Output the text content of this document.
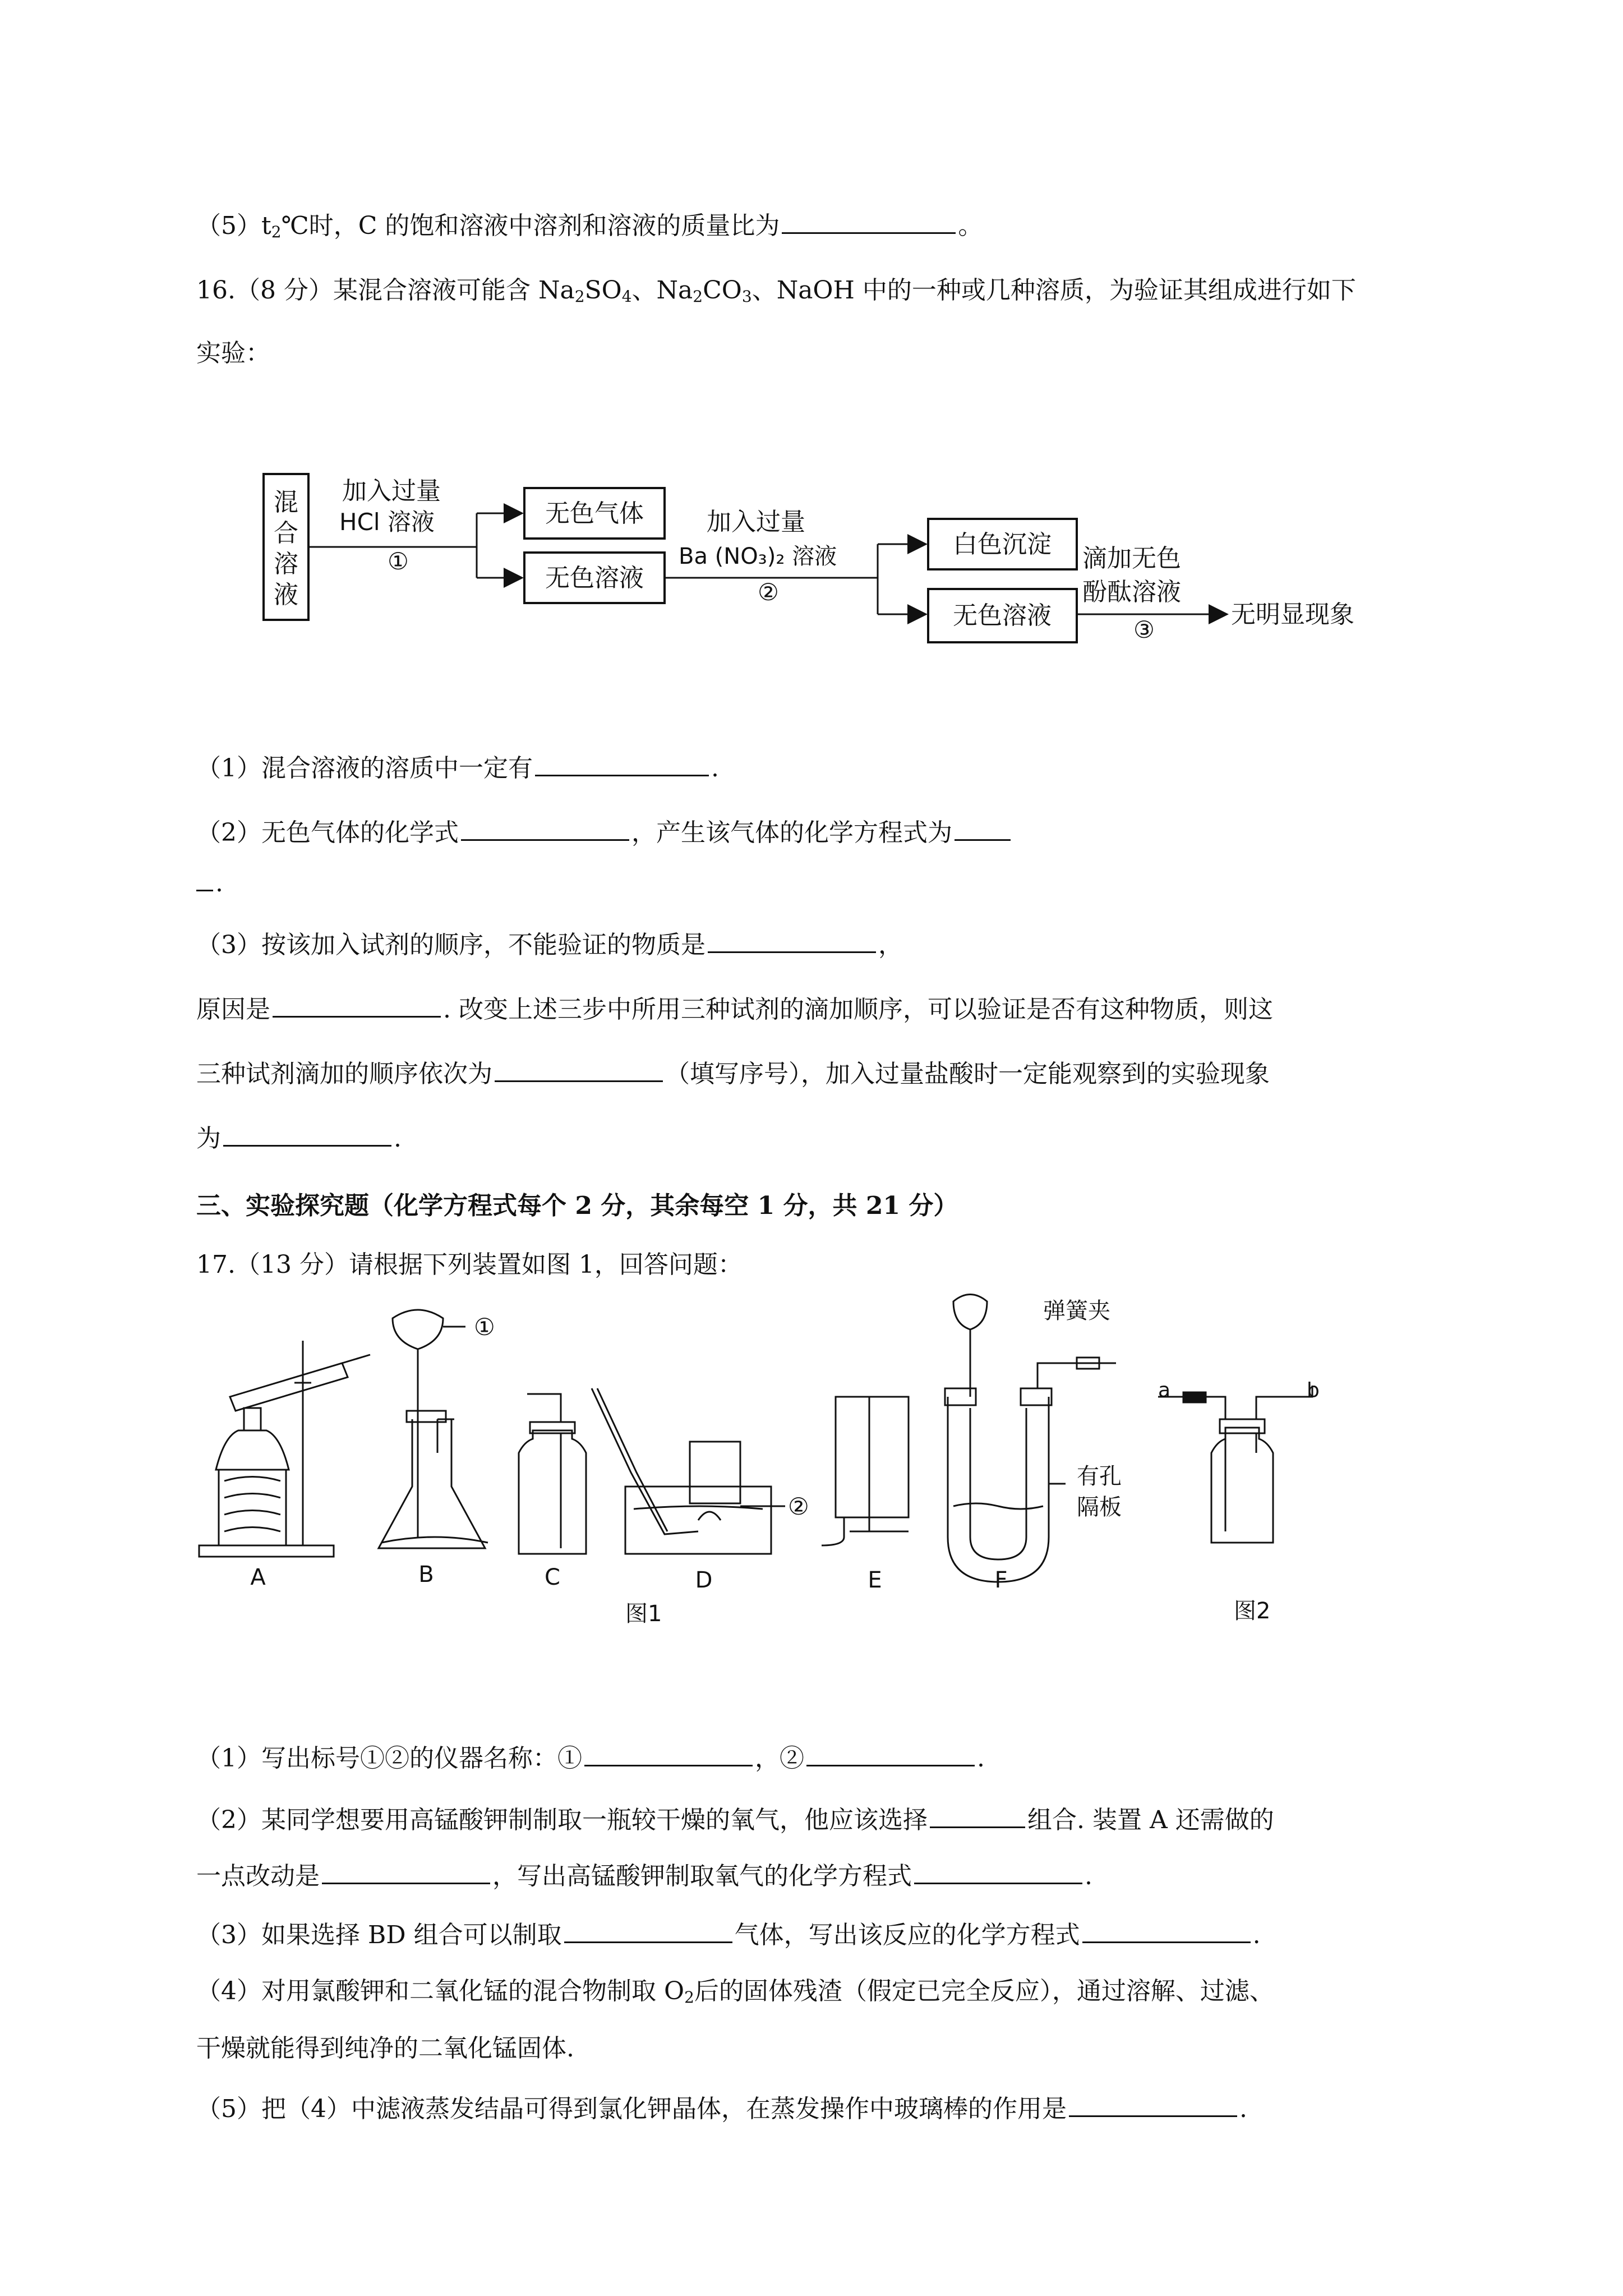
$(5)t_2℃$时，C 的饱和溶液中溶剂和溶液的质量比为	。
16.（8 分）某混合溶液可能含 $Na_2SO_4$、$Na_2CO_3$、NaOH 中的一种或几种溶质，为验证其组成进行如下
实验：
混
合
溶
液
加入过量
HCl 溶液
①
无色气体
无色溶液
加入过量
Ba (NO₃)₂ 溶液
②
白色沉淀
无色溶液
滴加无色
酚酞溶液
③
无明显现象
（1）混合溶液的溶质中一定有	.
（2）无色气体的化学式	，产生该气体的化学方程式为
.
（3）按该加入试剂的顺序，不能验证的物质是	，
原因是	. 改变上述三步中所用三种试剂的滴加顺序，可以验证是否有这种物质，则这
三种试剂滴加的顺序依次为	（填写序号），加入过量盐酸时一定能观察到的实验现象
为	.
三、实验探究题（化学方程式每个 2 分，其余每空 1 分，共 21 分）
17.（13 分）请根据下列装置如图 1，回答问题：
A	B	C	D	E	F
①
②
弹簧夹
有孔
隔板
图1	图2
a	b
（1）写出标号①②的仪器名称：①	，②	.
（2）某同学想要用高锰酸钾制制取一瓶较干燥的氧气，他应该选择	组合. 装置 A 还需做的
一点改动是	，写出高锰酸钾制取氧气的化学方程式	.
（3）如果选择 BD 组合可以制取	气体，写出该反应的化学方程式	.
（4）对用氯酸钾和二氧化锰的混合物制取 $O_2$后的固体残渣（假定已完全反应），通过溶解、过滤、
干燥就能得到纯净的二氧化锰固体.
（5）把（4）中滤液蒸发结晶可得到氯化钾晶体，在蒸发操作中玻璃棒的作用是	.
